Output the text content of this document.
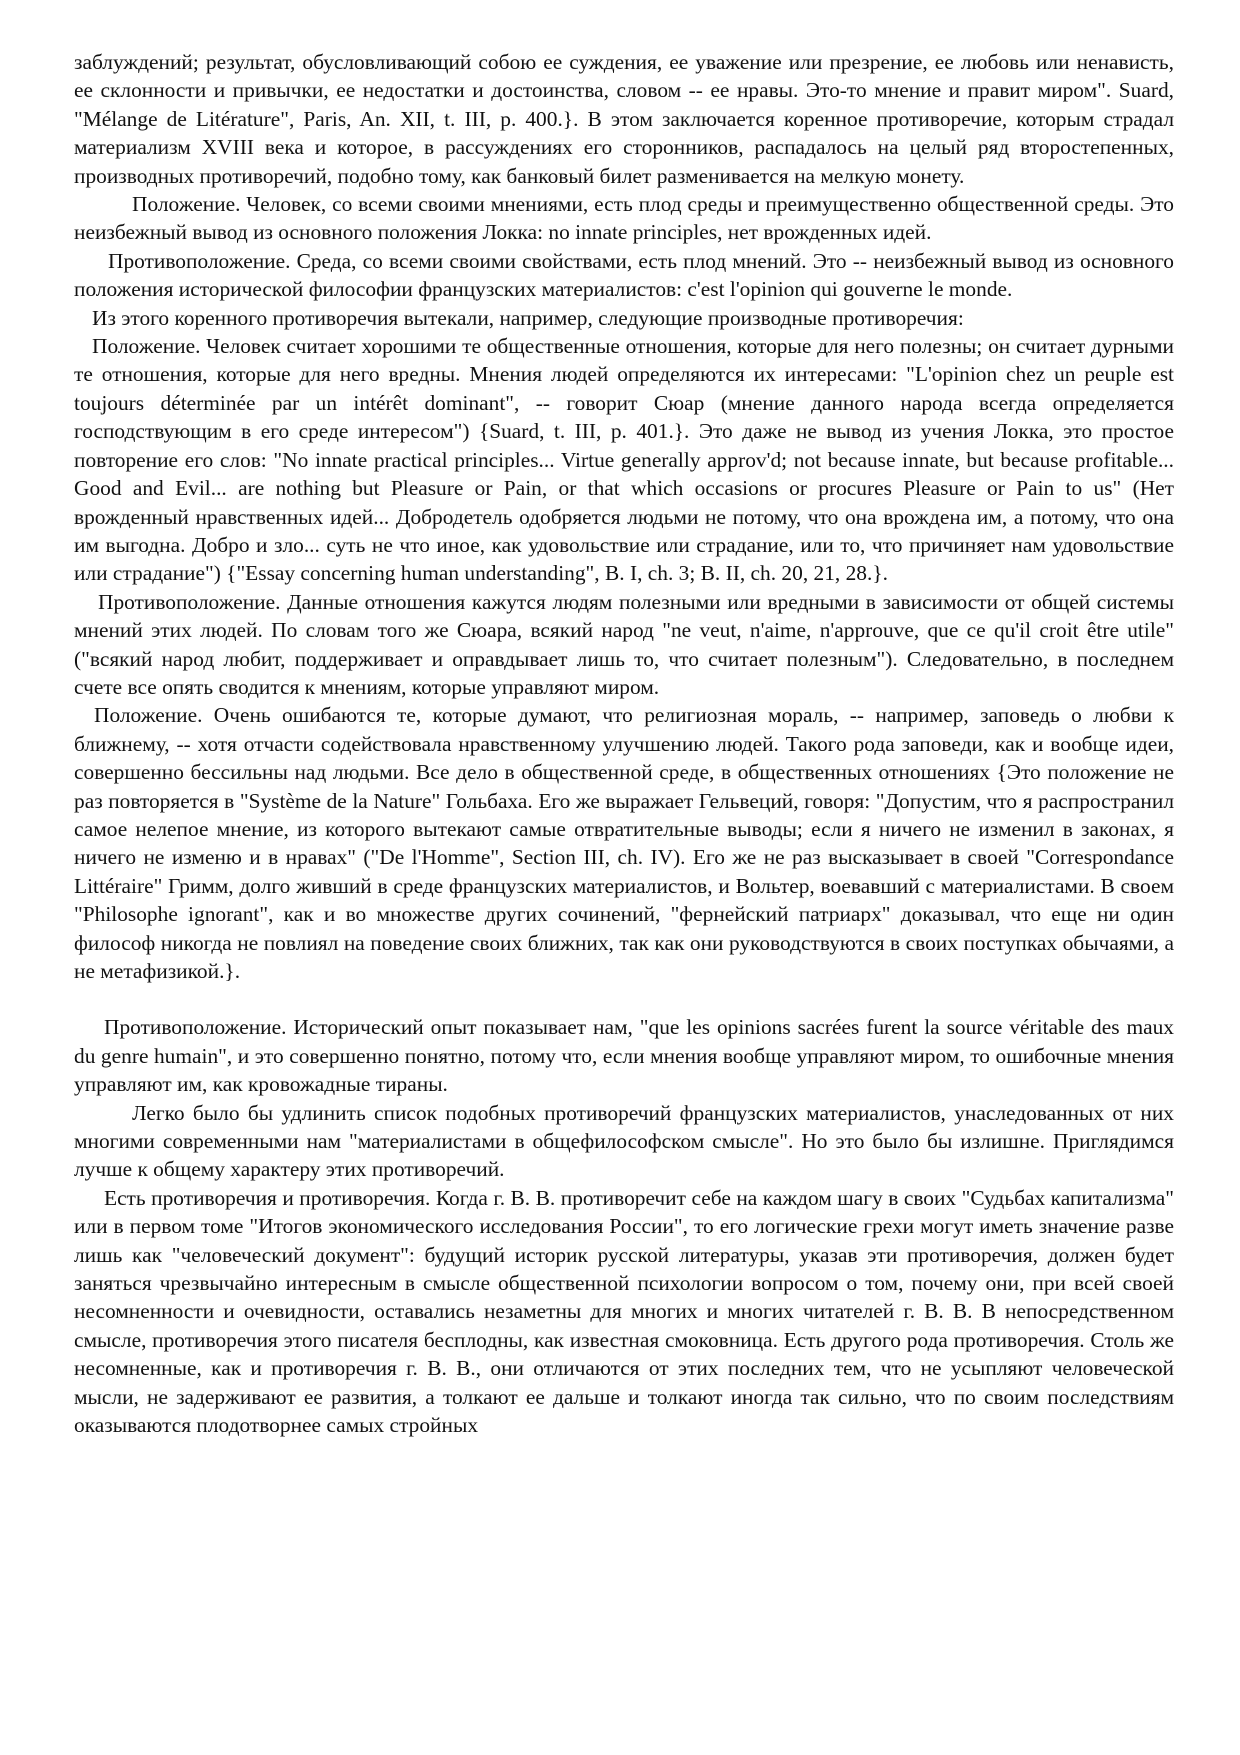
заблуждений; результат, обусловливающий собою ее суждения, ее уважение или презрение, ее любовь или ненависть, ее склонности и привычки, ее недостатки и достоинства, словом -- ее нравы. Это-то мнение и правит миром". Suard, "Mélange de Litérature", Paris, An. XII, t. III, p. 400.}. В этом заключается коренное противоречие, которым страдал материализм XVIII века и которое, в рассуждениях его сторонников, распадалось на целый ряд второстепенных, производных противоречий, подобно тому, как банковый билет разменивается на мелкую монету.

Положение. Человек, со всеми своими мнениями, есть плод среды и преимущественно общественной среды. Это неизбежный вывод из основного положения Локка: no innate principles, нет врожденных идей.

Противоположение. Среда, со всеми своими свойствами, есть плод мнений. Это -- неизбежный вывод из основного положения исторической философии французских материалистов: c'est l'opinion qui gouverne le monde.

Из этого коренного противоречия вытекали, например, следующие производные противоречия:

Положение. Человек считает хорошими те общественные отношения, которые для него полезны; он считает дурными те отношения, которые для него вредны. Мнения людей определяются их интересами: "L'opinion chez un peuple est toujours déterminée par un intérêt dominant", -- говорит Сюар (мнение данного народа всегда определяется господствующим в его среде интересом") {Suard, t. III, p. 401.}. Это даже не вывод из учения Локка, это простое повторение его слов: "No innate practical principles... Virtue generally approv'd; not because innate, but because profitable... Good and Evil... are nothing but Pleasure or Pain, or that which occasions or procures Pleasure or Pain to us" (Нет врожденный нравственных идей... Добродетель одобряется людьми не потому, что она врождена им, а потому, что она им выгодна. Добро и зло... суть не что иное, как удовольствие или страдание, или то, что причиняет нам удовольствие или страдание") {"Essay concerning human understanding", B. I, ch. 3; B. II, ch. 20, 21, 28.}.

Противоположение. Данные отношения кажутся людям полезными или вредными в зависимости от общей системы мнений этих людей. По словам того же Сюара, всякий народ "ne veut, n'aime, n'approuve, que ce qu'il croit être utile" ("всякий народ любит, поддерживает и оправдывает лишь то, что считает полезным"). Следовательно, в последнем счете все опять сводится к мнениям, которые управляют миром.

Положение. Очень ошибаются те, которые думают, что религиозная мораль, -- например, заповедь о любви к ближнему, -- хотя отчасти содействовала нравственному улучшению людей. Такого рода заповеди, как и вообще идеи, совершенно бессильны над людьми. Все дело в общественной среде, в общественных отношениях {Это положение не раз повторяется в "Système de la Nature" Гольбаха. Его же выражает Гельвеций, говоря: "Допустим, что я распространил самое нелепое мнение, из которого вытекают самые отвратительные выводы; если я ничего не изменил в законах, я ничего не изменю и в нравах" ("De l'Homme", Section III, ch. IV). Его же не раз высказывает в своей "Correspondance Littéraire" Гримм, долго живший в среде французских материалистов, и Вольтер, воевавший с материалистами. В своем "Philosophe ignorant", как и во множестве других сочинений, "фернейский патриарх" доказывал, что еще ни один философ никогда не повлиял на поведение своих ближних, так как они руководствуются в своих поступках обычаями, а не метафизикой.}.

Противоположение. Исторический опыт показывает нам, "que les opinions sacrées furent la source véritable des maux du genre humain", и это совершенно понятно, потому что, если мнения вообще управляют миром, то ошибочные мнения управляют им, как кровожадные тираны.

Легко было бы удлинить список подобных противоречий французских материалистов, унаследованных от них многими современными нам "материалистами в общефилософском смысле". Но это было бы излишне. Приглядимся лучше к общему характеру этих противоречий.

Есть противоречия и противоречия. Когда г. В. В. противоречит себе на каждом шагу в своих "Судьбах капитализма" или в первом томе "Итогов экономического исследования России", то его логические грехи могут иметь значение разве лишь как "человеческий документ": будущий историк русской литературы, указав эти противоречия, должен будет заняться чрезвычайно интересным в смысле общественной психологии вопросом о том, почему они, при всей своей несомненности и очевидности, оставались незаметны для многих и многих читателей г. В. В. В непосредственном смысле, противоречия этого писателя бесплодны, как известная смоковница. Есть другого рода противоречия. Столь же несомненные, как и противоречия г. В. В., они отличаются от этих последних тем, что не усыпляют человеческой мысли, не задерживают ее развития, а толкают ее дальше и толкают иногда так сильно, что по своим последствиям оказываются плодотворнее самых стройных
